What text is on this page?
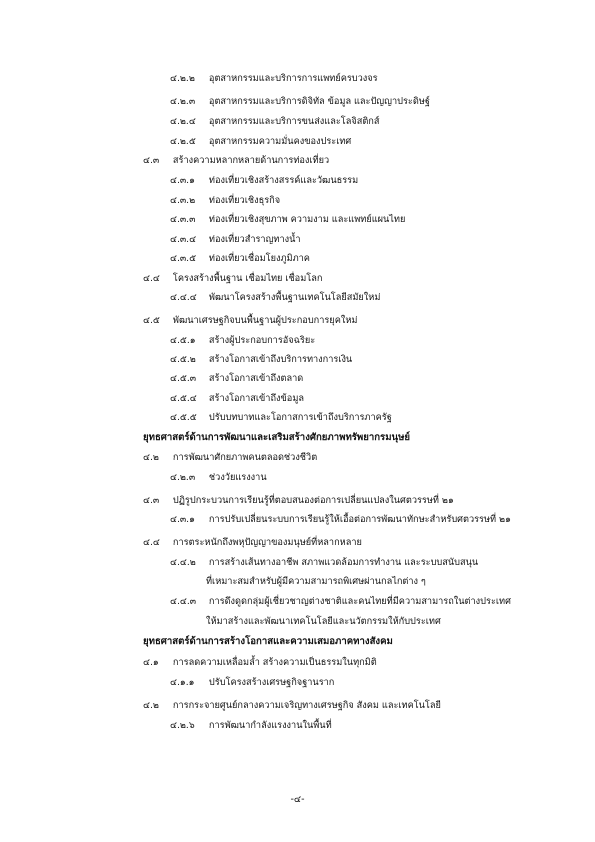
๔.๒.๒ อุตสาหกรรมและบริการการแพทย์ครบวงจร
๔.๒.๓ อุตสาหกรรมและบริการดิจิทัล ข้อมูล และปัญญาประดิษฐ์
๔.๒.๔ อุตสาหกรรมและบริการขนส่งและโลจิสติกส์
๔.๒.๕ อุตสาหกรรมความมั่นคงของประเทศ
๔.๓ สร้างความหลากหลายด้านการท่องเที่ยว
๔.๓.๑ ท่องเที่ยวเชิงสร้างสรรค์และวัฒนธรรม
๔.๓.๒ ท่องเที่ยวเชิงธุรกิจ
๔.๓.๓ ท่องเที่ยวเชิงสุขภาพ ความงาม และแพทย์แผนไทย
๔.๓.๔ ท่องเที่ยวสำราญทางน้ำ
๔.๓.๕ ท่องเที่ยวเชื่อมโยงภูมิภาค
๔.๔ โครงสร้างพื้นฐาน เชื่อมไทย เชื่อมโลก
๔.๔.๔ พัฒนาโครงสร้างพื้นฐานเทคโนโลยีสมัยใหม่
๔.๕ พัฒนาเศรษฐกิจบนพื้นฐานผู้ประกอบการยุคใหม่
๔.๕.๑ สร้างผู้ประกอบการอัจฉริยะ
๔.๕.๒ สร้างโอกาสเข้าถึงบริการทางการเงิน
๔.๕.๓ สร้างโอกาสเข้าถึงตลาด
๔.๕.๔ สร้างโอกาสเข้าถึงข้อมูล
๔.๕.๕ ปรับบทบาทและโอกาสการเข้าถึงบริการภาครัฐ
ยุทธศาสตร์ด้านการพัฒนาและเสริมสร้างศักยภาพทรัพยากรมนุษย์
๔.๒ การพัฒนาศักยภาพคนตลอดช่วงชีวิต
๔.๒.๓ ช่วงวัยแรงงาน
๔.๓ ปฏิรูปกระบวนการเรียนรู้ที่ตอบสนองต่อการเปลี่ยนแปลงในศตวรรษที่ ๒๑
๔.๓.๑ การปรับเปลี่ยนระบบการเรียนรู้ให้เอื้อต่อการพัฒนาทักษะสำหรับศตวรรษที่ ๒๑
๔.๔ การตระหนักถึงพหุปัญญาของมนุษย์ที่หลากหลาย
๔.๔.๒ การสร้างเส้นทางอาชีพ สภาพแวดล้อมการทำงาน และระบบสนับสนุน
ที่เหมาะสมสำหรับผู้มีความสามารถพิเศษผ่านกลไกต่าง ๆ
๔.๔.๓ การดึงดูดกลุ่มผู้เชี่ยวชาญต่างชาติและคนไทยที่มีความสามารถในต่างประเทศ
ให้มาสร้างและพัฒนาเทคโนโลยีและนวัตกรรมให้กับประเทศ
ยุทธศาสตร์ด้านการสร้างโอกาสและความเสมอภาคทางสังคม
๔.๑ การลดความเหลื่อมล้ำ สร้างความเป็นธรรมในทุกมิติ
๔.๑.๑ ปรับโครงสร้างเศรษฐกิจฐานราก
๔.๒ การกระจายศูนย์กลางความเจริญทางเศรษฐกิจ สังคม และเทคโนโลยี
๔.๒.๖ การพัฒนากำลังแรงงานในพื้นที่
-๔-
